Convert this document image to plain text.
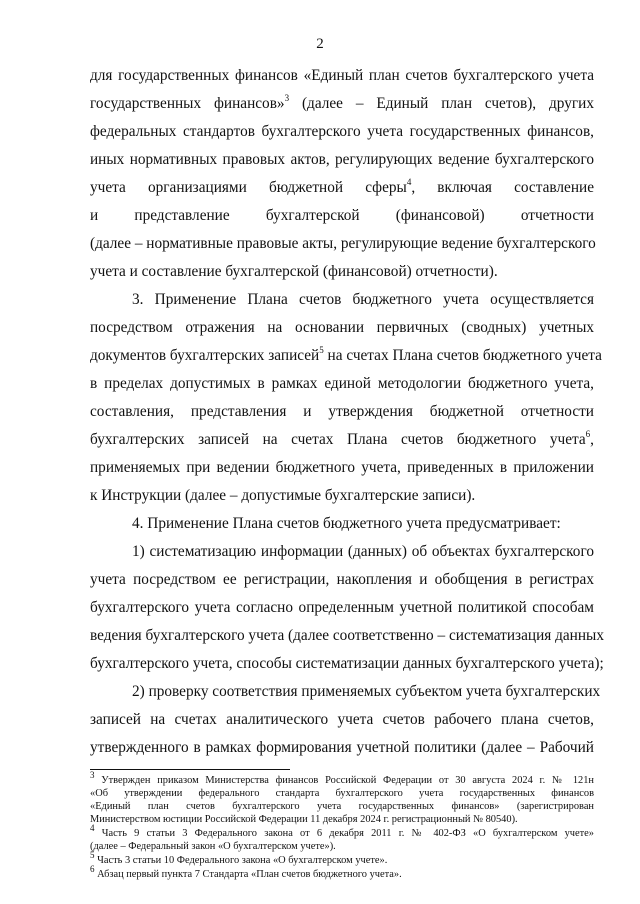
2
для государственных финансов «Единый план счетов бухгалтерского учета
государственных финансов»$^3$ (далее – Единый план счетов), других
федеральных стандартов бухгалтерского учета государственных финансов,
иных нормативных правовых актов, регулирующих ведение бухгалтерского
учета организациями бюджетной сферы$^4$, включая составление
и представление бухгалтерской (финансовой) отчетности
(далее – нормативные правовые акты, регулирующие ведение бухгалтерского
учета и составление бухгалтерской (финансовой) отчетности).
3. Применение Плана счетов бюджетного учета осуществляется
посредством отражения на основании первичных (сводных) учетных
документов бухгалтерских записей$^5$ на счетах Плана счетов бюджетного учета
в пределах допустимых в рамках единой методологии бюджетного учета,
составления, представления и утверждения бюджетной отчетности
бухгалтерских записей на счетах Плана счетов бюджетного учета$^6$,
применяемых при ведении бюджетного учета, приведенных в приложении
к Инструкции (далее – допустимые бухгалтерские записи).
4. Применение Плана счетов бюджетного учета предусматривает:
1) систематизацию информации (данных) об объектах бухгалтерского
учета посредством ее регистрации, накопления и обобщения в регистрах
бухгалтерского учета согласно определенным учетной политикой способам
ведения бухгалтерского учета (далее соответственно – систематизация данных
бухгалтерского учета, способы систематизации данных бухгалтерского учета);
2) проверку соответствия применяемых субъектом учета бухгалтерских
записей на счетах аналитического учета счетов рабочего плана счетов,
утвержденного в рамках формирования учетной политики (далее – Рабочий
$^3$ Утвержден приказом Министерства финансов Российской Федерации от 30 августа 2024 г. № 121н
«Об утверждении федерального стандарта бухгалтерского учета государственных финансов
«Единый план счетов бухгалтерского учета государственных финансов» (зарегистрирован
Министерством юстиции Российской Федерации 11 декабря 2024 г. регистрационный № 80540).
$^4$ Часть 9 статьи 3 Федерального закона от 6 декабря 2011 г. № 402-ФЗ «О бухгалтерском учете»
(далее – Федеральный закон «О бухгалтерском учете»).
$^5$ Часть 3 статьи 10 Федерального закона «О бухгалтерском учете».
$^6$ Абзац первый пункта 7 Стандарта «План счетов бюджетного учета».
